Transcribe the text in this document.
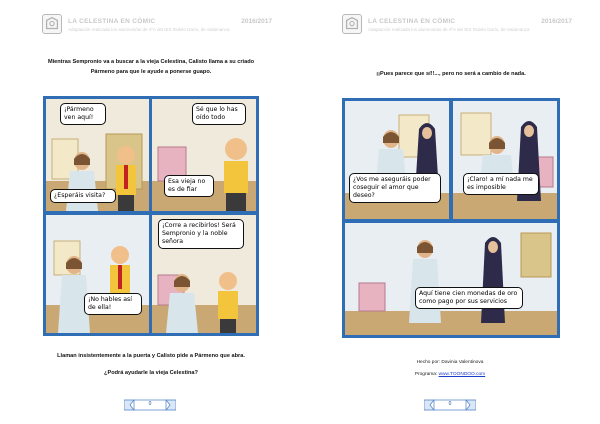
LA CELESTINA EN CÓMIC	2016/2017
Adaptación realizada los alumnos/as de 4ºA del IES Rubén Darío, de Salamanca
Mientras Sempronio va a buscar a la vieja Celestina, Calisto llama a su criado Pármeno para que le ayude a ponerse guapo.
¡Pármeno ven aquí!
¿Esperáis visita?
Sé que lo has oído todo
Esa vieja no es de fiar
¡No hables así de ella!
¡Corre a recibirlos! Será Sempronio y la noble señora
Llaman insistentemente a la puerta y Calisto pide a Pármeno que abra.
¿Podrá ayudarle la vieja Celestina?
0
LA CELESTINA EN CÓMIC	2016/2017
Adaptación realizada los alumnos/as de 4ºA del IES Rubén Darío, de Salamanca
¡¡Pues parece que sí!!..., pero no será a cambio de nada.
¿Vos me aseguráis poder coseguir el amor que deseo?
¡Claro! a mí nada me es imposible
Aquí tiene cien monedas de oro como pago por sus servicios
Hecho por: Davinia Valentinova
Programa: www.TOONDOO.com
0
